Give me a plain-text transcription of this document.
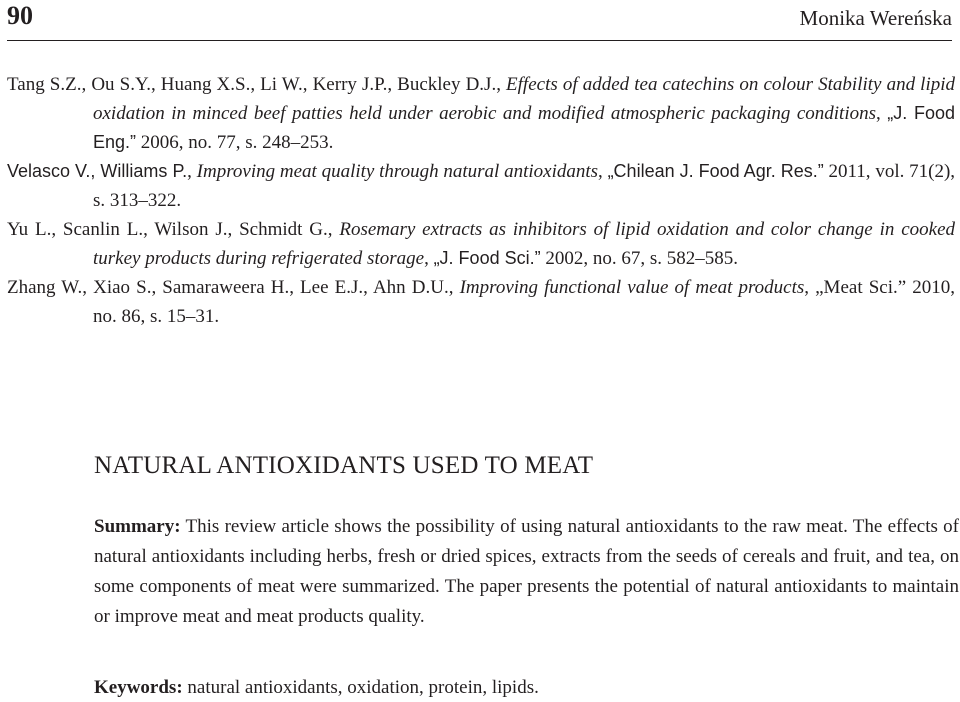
90	Monika Wereńska

Tang S.Z., Ou S.Y., Huang X.S., Li W., Kerry J.P., Buckley D.J., Effects of added tea catechins on colour Stability and lipid oxidation in minced beef patties held under aerobic and modified atmospheric packaging conditions, „J. Food Eng.” 2006, no. 77, s. 248–253.

Velasco V., Williams P., Improving meat quality through natural antioxidants, „Chilean J. Food Agr. Res.” 2011, vol. 71(2), s. 313–322.

Yu L., Scanlin L., Wilson J., Schmidt G., Rosemary extracts as inhibitors of lipid oxidation and color change in cooked turkey products during refrigerated storage, „J. Food Sci.” 2002, no. 67, s. 582–585.

Zhang W., Xiao S., Samaraweera H., Lee E.J., Ahn D.U., Improving functional value of meat products, „Meat Sci.” 2010, no. 86, s. 15–31.

NATURAL ANTIOXIDANTS USED TO MEAT

Summary: This review article shows the possibility of using natural antioxidants to the raw meat. The effects of natural antioxidants including herbs, fresh or dried spices, extracts from the seeds of cereals and fruit, and tea, on some components of meat were summarized. The paper presents the potential of natural antioxidants to maintain or improve meat and meat products quality.

Keywords: natural antioxidants, oxidation, protein, lipids.
